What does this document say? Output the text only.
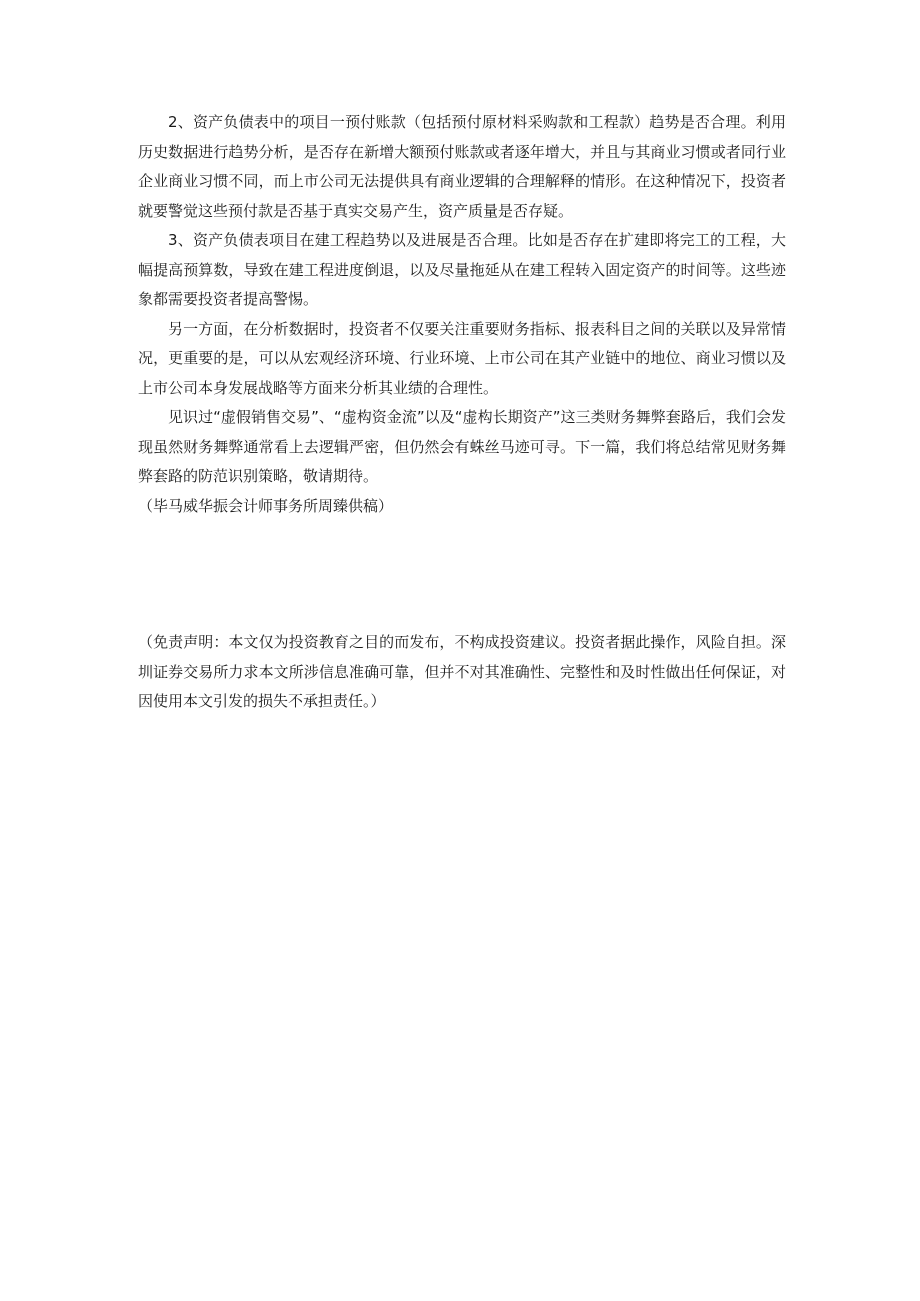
2、资产负债表中的项目一预付账款（包括预付原材料采购款和工程款）趋势是否合理。利用历史数据进行趋势分析，是否存在新增大额预付账款或者逐年增大，并且与其商业习惯或者同行业企业商业习惯不同，而上市公司无法提供具有商业逻辑的合理解释的情形。在这种情况下，投资者就要警觉这些预付款是否基于真实交易产生，资产质量是否存疑。

3、资产负债表项目在建工程趋势以及进展是否合理。比如是否存在扩建即将完工的工程，大幅提高预算数，导致在建工程进度倒退，以及尽量拖延从在建工程转入固定资产的时间等。这些迹象都需要投资者提高警惕。

另一方面，在分析数据时，投资者不仅要关注重要财务指标、报表科目之间的关联以及异常情况，更重要的是，可以从宏观经济环境、行业环境、上市公司在其产业链中的地位、商业习惯以及上市公司本身发展战略等方面来分析其业绩的合理性。

见识过“虚假销售交易”、“虚构资金流”以及“虚构长期资产”这三类财务舞弊套路后，我们会发现虽然财务舞弊通常看上去逻辑严密，但仍然会有蛛丝马迹可寻。下一篇，我们将总结常见财务舞弊套路的防范识别策略，敬请期待。

（毕马威华振会计师事务所周臻供稿）

（免责声明：本文仅为投资教育之目的而发布，不构成投资建议。投资者据此操作，风险自担。深圳证券交易所力求本文所涉信息准确可靠，但并不对其准确性、完整性和及时性做出任何保证，对因使用本文引发的损失不承担责任。）
